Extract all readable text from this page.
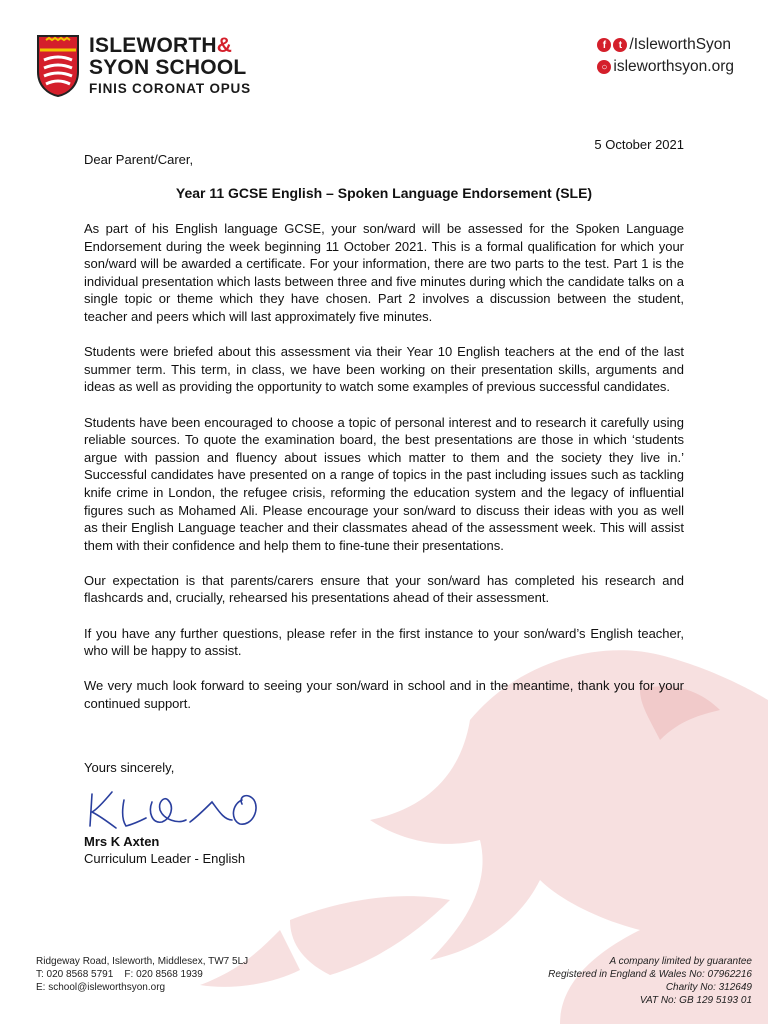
ISLEWORTH&
SYON SCHOOL
FINIS CORONAT OPUS
f	t /IsleworthSyon
○ isleworthsyon.org
5 October 2021
Dear Parent/Carer,
Year 11 GCSE English – Spoken Language Endorsement (SLE)

As part of his English language GCSE, your son/ward will be assessed for the Spoken Language Endorsement during the week beginning 11 October 2021. This is a formal qualification for which your son/ward will be awarded a certificate. For your information, there are two parts to the test. Part 1 is the individual presentation which lasts between three and five minutes during which the candidate talks on a single topic or theme which they have chosen. Part 2 involves a discussion between the student, teacher and peers which will last approximately five minutes.

Students were briefed about this assessment via their Year 10 English teachers at the end of the last summer term. This term, in class, we have been working on their presentation skills, arguments and ideas as well as providing the opportunity to watch some examples of previous successful candidates.

Students have been encouraged to choose a topic of personal interest and to research it carefully using reliable sources. To quote the examination board, the best presentations are those in which ‘students argue with passion and fluency about issues which matter to them and the society they live in.’ Successful candidates have presented on a range of topics in the past including issues such as tackling knife crime in London, the refugee crisis, reforming the education system and the legacy of influential figures such as Mohamed Ali. Please encourage your son/ward to discuss their ideas with you as well as their English Language teacher and their classmates ahead of the assessment week. This will assist them with their confidence and help them to fine-tune their presentations.

Our expectation is that parents/carers ensure that your son/ward has completed his research and flashcards and, crucially, rehearsed his presentations ahead of their assessment.

If you have any further questions, please refer in the first instance to your son/ward’s English teacher, who will be happy to assist.

We very much look forward to seeing your son/ward in school and in the meantime, thank you for your continued support.

Yours sincerely,
Mrs K Axten
Curriculum Leader - English
Ridgeway Road, Isleworth, Middlesex, TW7 5LJ
T: 020 8568 5791    F: 020 8568 1939
E: school@isleworthsyon.org
A company limited by guarantee
Registered in England & Wales No: 07962216
Charity No: 312649
VAT No: GB 129 5193 01
